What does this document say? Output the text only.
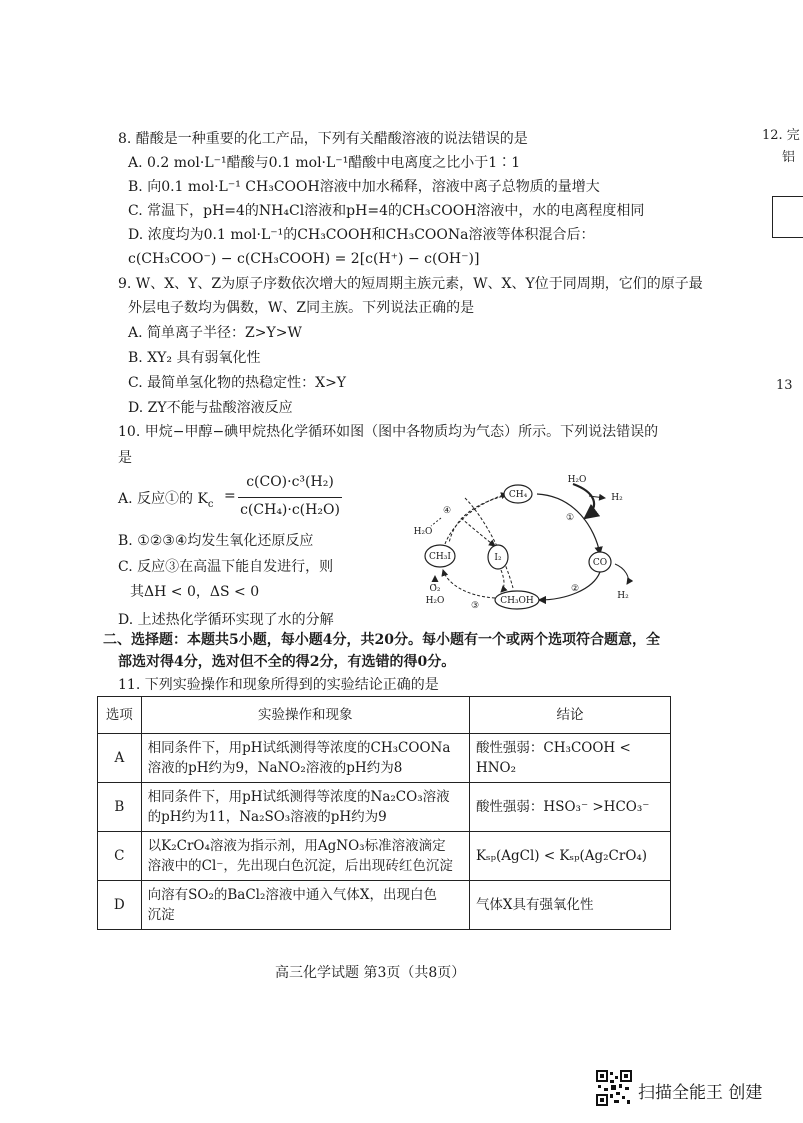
12. 完
铝
13
8. 醋酸是一种重要的化工产品，下列有关醋酸溶液的说法错误的是
A. 0.2 mol·L⁻¹醋酸与0.1 mol·L⁻¹醋酸中电离度之比小于1∶1
B. 向0.1 mol·L⁻¹ CH₃COOH溶液中加水稀释，溶液中离子总物质的量增大
C. 常温下，pH=4的NH₄Cl溶液和pH=4的CH₃COOH溶液中，水的电离程度相同
D. 浓度均为0.1 mol·L⁻¹的CH₃COOH和CH₃COONa溶液等体积混合后：
c(CH₃COO⁻) − c(CH₃COOH) = 2[c(H⁺) − c(OH⁻)]
9. W、X、Y、Z为原子序数依次增大的短周期主族元素，W、X、Y位于同周期，它们的原子最
外层电子数均为偶数，W、Z同主族。下列说法正确的是
A. 简单离子半径：Z>Y>W
B. XY₂ 具有弱氧化性
C. 最简单氢化物的热稳定性：X>Y
D. ZY不能与盐酸溶液反应
10. 甲烷−甲醇−碘甲烷热化学循环如图（图中各物质均为气态）所示。下列说法错误的
是
A. 反应①的 $K_c$
=
c(CO)·c³(H₂)
c(CH₄)·c(H₂O)
B. ①②③④均发生氧化还原反应
C. 反应③在高温下能自发进行，则
其ΔH < 0，ΔS < 0
D. 上述热化学循环实现了水的分解
CH₄
CO
CH₃OH
CH₃I	I₂
H₂O
H₂
H₂
H₂O
O₂
H₂O
①
②
③
④
二、选择题：本题共5小题，每小题4分，共20分。每小题有一个或两个选项符合题意，全
部选对得4分，选对但不全的得2分，有选错的得0分。
11. 下列实验操作和现象所得到的实验结论正确的是
选项	实验操作和现象	结论
A	相同条件下，用pH试纸测得等浓度的CH₃COONa
溶液的pH约为9，NaNO₂溶液的pH约为8	酸性强弱：CH₃COOH < HNO₂
B	相同条件下，用pH试纸测得等浓度的Na₂CO₃溶液
的pH约为11，Na₂SO₃溶液的pH约为9	酸性强弱：HSO₃⁻ >HCO₃⁻
C	以K₂CrO₄溶液为指示剂，用AgNO₃标准溶液滴定
溶液中的Cl⁻，先出现白色沉淀，后出现砖红色沉淀	Kₛₚ(AgCl) < Kₛₚ(Ag₂CrO₄)
D	向溶有SO₂的BaCl₂溶液中通入气体X，出现白色
沉淀	气体X具有强氧化性
高三化学试题 第3页（共8页）
扫描全能王 创建
